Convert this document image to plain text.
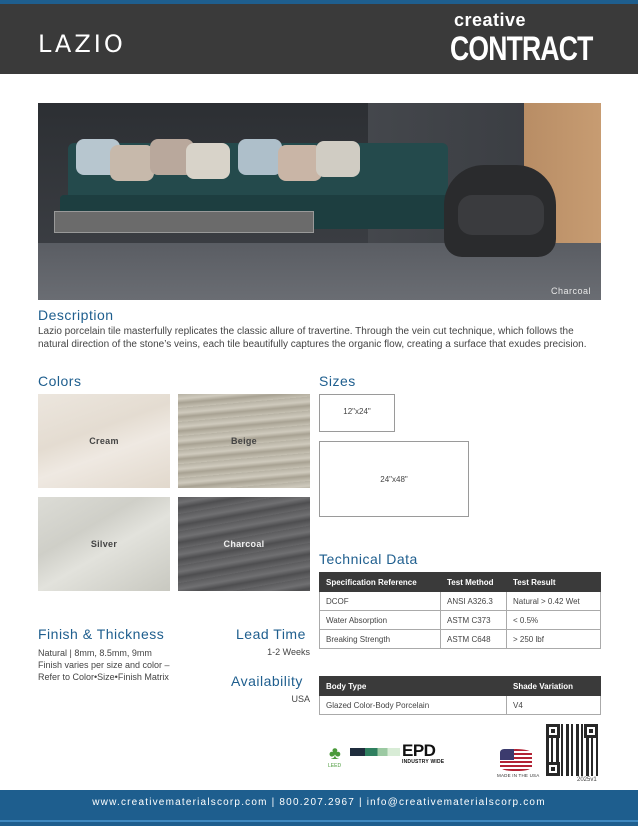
LAZIO
creative
CONTRACT
Charcoal
Description
Lazio porcelain tile masterfully replicates the classic allure of travertine. Through the vein cut technique, which follows the natural direction of the stone’s veins, each tile beautifully captures the organic flow, creating a surface that exudes precision.
Colors
Cream	Beige
Silver	Charcoal
Sizes
12"x24"
24"x48"
Technical Data
Specification Reference	Test Method	Test Result
DCOF	ANSI A326.3	Natural > 0.42 Wet
Water Absorption	ASTM C373	< 0.5%
Breaking Strength	ASTM C648	> 250 lbf
Body Type	Shade Variation
Glazed Color-Body Porcelain	V4
Finish & Thickness
Natural | 8mm, 8.5mm, 9mm
Finish varies per size and color –
Refer to Color•Size•Finish Matrix
Lead Time
1-2 Weeks
Availability
USA
♣
LEED
EPD
INDUSTRY WIDE
MADE IN THE USA
2025v1
www.creativematerialscorp.com | 800.207.2967 | info@creativematerialscorp.com
